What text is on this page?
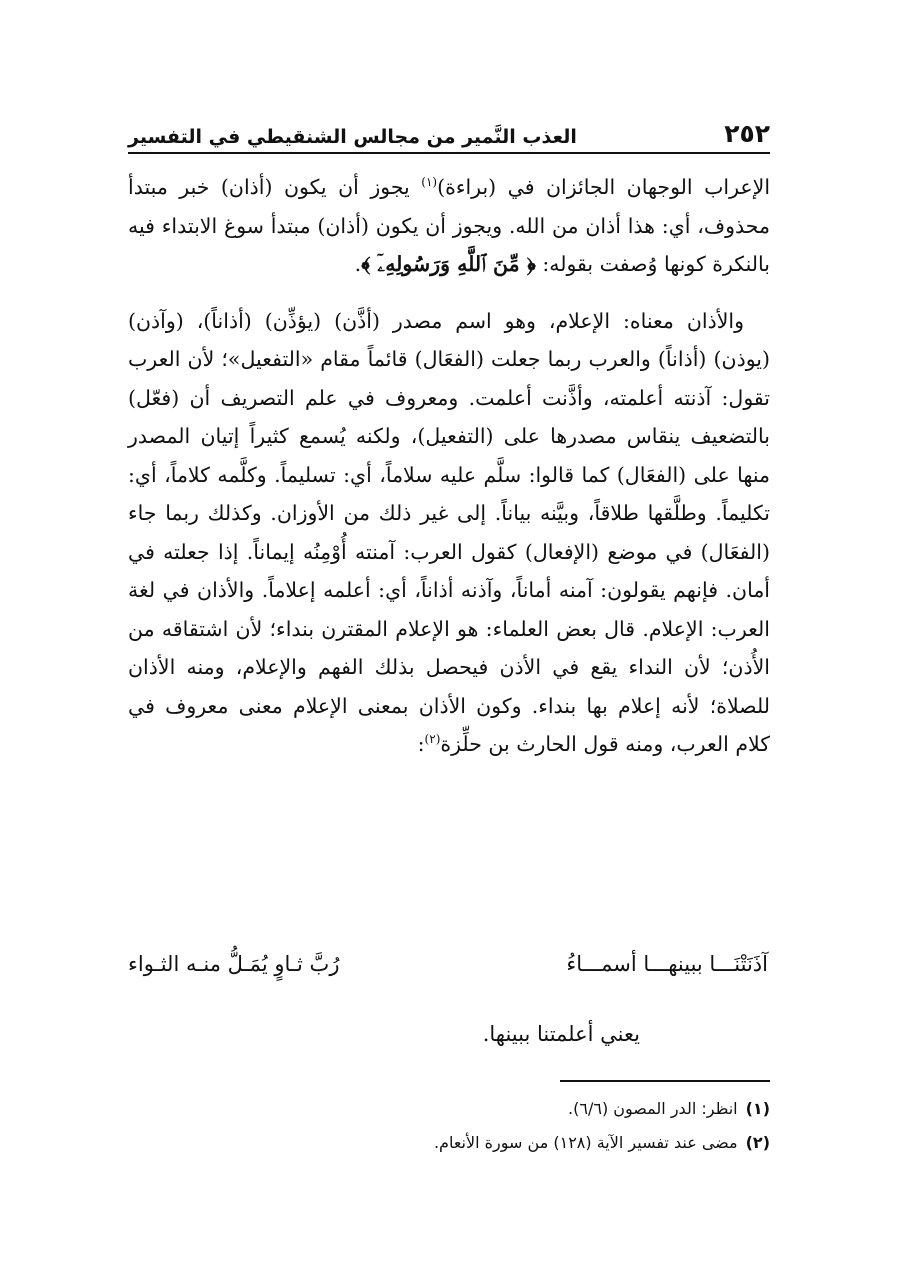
٢٥٢
العذب النَّمير من مجالس الشنقيطي في التفسير

الإعراب الوجهان الجائزان في (براءة)$^{(١)}$ يجوز أن يكون (أذان) خبر مبتدأ محذوف، أي: هذا أذان من الله. ويجوز أن يكون (أذان) مبتدأ سوغ الابتداء فيه بالنكرة كونها وُصفت بقوله: ﴿ مِّنَ ٱللَّهِ وَرَسُولِهِۦٓ ﴾.

والأذان معناه: الإعلام، وهو اسم مصدر (أذَّن) (يؤذِّن) (أذاناً)، (وآذن) (يوذن) (أذاناً) والعرب ربما جعلت (الفعَال) قائماً مقام «التفعيل»؛ لأن العرب تقول: آذنته أعلمته، وأذَّنت أعلمت. ومعروف في علم التصريف أن (فعّل) بالتضعيف ينقاس مصدرها على (التفعيل)، ولكنه يُسمع كثيراً إتيان المصدر منها على (الفعَال) كما قالوا: سلَّم عليه سلاماً، أي: تسليماً. وكلَّمه كلاماً، أي: تكليماً. وطلَّقها طلاقاً، وبيَّنه بياناً. إلى غير ذلك من الأوزان. وكذلك ربما جاء (الفعَال) في موضع (الإفعال) كقول العرب: آمنته أُوْمِنُه إيماناً. إذا جعلته في أمان. فإنهم يقولون: آمنه أماناً، وآذنه أذاناً، أي: أعلمه إعلاماً. والأذان في لغة العرب: الإعلام. قال بعض العلماء: هو الإعلام المقترن بنداء؛ لأن اشتقاقه من الأُذن؛ لأن النداء يقع في الأذن فيحصل بذلك الفهم والإعلام، ومنه الأذان للصلاة؛ لأنه إعلام بها بنداء. وكون الأذان بمعنى الإعلام معنى معروف في كلام العرب، ومنه قول الحارث بن حلِّزة$^{(٢)}$:

آذَنَتْنَـــا ببينهـــا أسمـــاءُ
رُبَّ ثـاوٍ يُمَـلُّ منـه الثـواء
يعني أعلمتنا ببينها.
(١)انظر: الدر المصون (٦/٦).
(٢)مضى عند تفسير الآية (١٢٨) من سورة الأنعام.
